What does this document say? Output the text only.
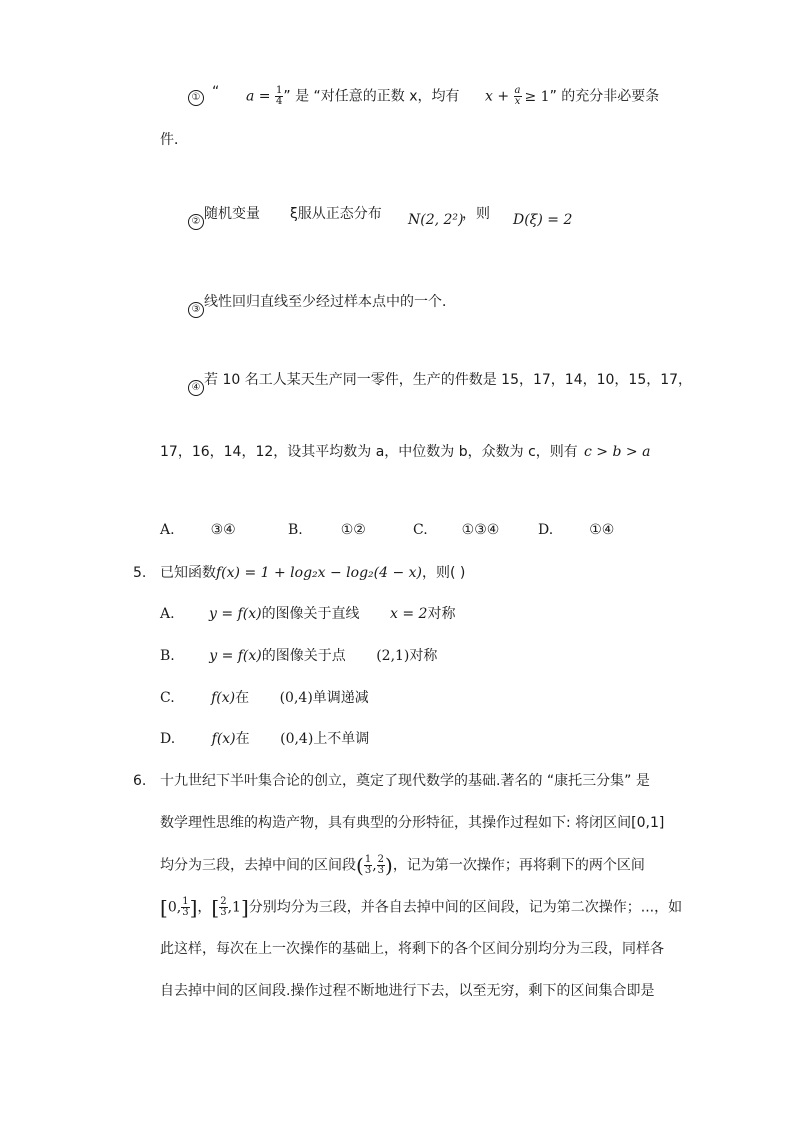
① “ $a = \frac{1}{4}$ ” 是 “对任意的正数 x，均有 $x + \frac{a}{x} \ge 1$” 的充分非必要条
件．
② 随机变量 ξ服从正态分布 N(2, 2²)
，则 D(ξ) = 2
③ 线性回归直线至少经过样本点中的一个．
④ 若 10 名工人某天生产同一零件，生产的件数是 15，17，14，10，15，17，
17，16，14，12，设其平均数为 a，中位数为 b，众数为 c，则有 c > b > a
A.	③④	B.	①②	C. ①③④	D.	①④
5. 已知函数f(x) = 1 + log₂x − log₂(4 − x)，则( )
A. y = f(x)的图像关于直线 x = 2对称
B. y = f(x)的图像关于点 (2,1)对称
C.	f(x)在 (0,4)单调递减
D.	f(x)在 (0,4)上不单调
6. 十九世纪下半叶集合论的创立，奠定了现代数学的基础.著名的 “康托三分集” 是
数学理性思维的构造产物，具有典型的分形特征，其操作过程如下: 将闭区间[0,1]
均分为三段，去掉中间的区间段( $\frac{1}{3}$ , $\frac{2}{3}$ )，记为第一次操作；再将剩下的两个区间
[0, $\frac{1}{3}$ ]，[ $\frac{2}{3} ,1$]分别均分为三段，并各自去掉中间的区间段，记为第二次操作；...，如
此这样，每次在上一次操作的基础上，将剩下的各个区间分别均分为三段，同样各
自去掉中间的区间段.操作过程不断地进行下去，以至无穷，剩下的区间集合即是
